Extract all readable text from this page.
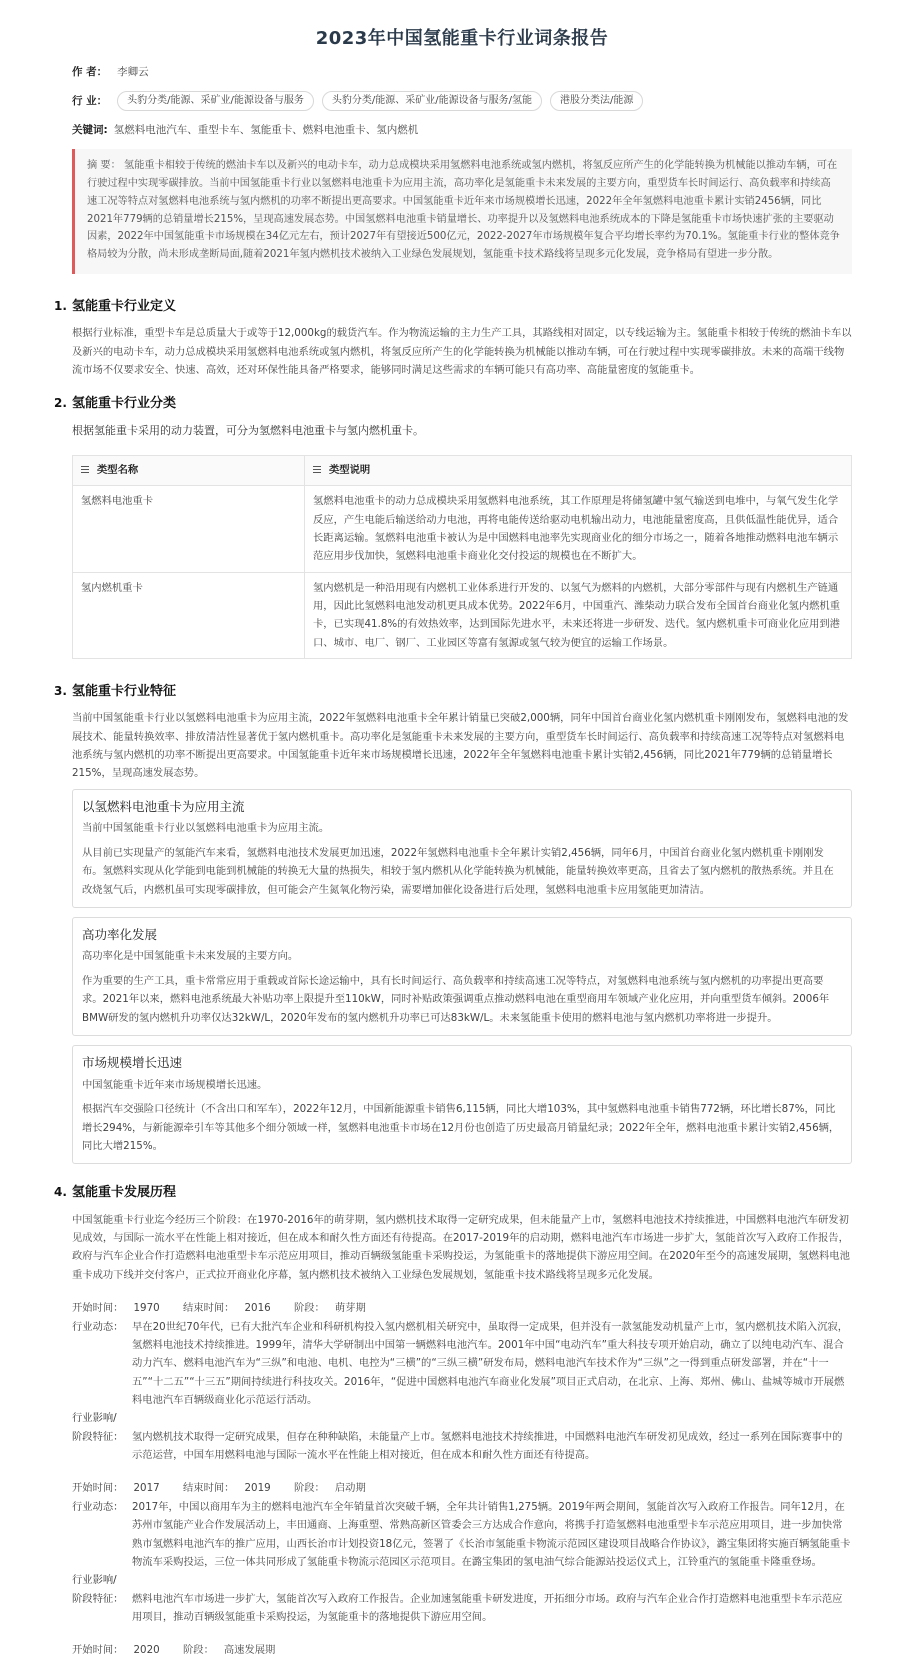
2023年中国氢能重卡行业词条报告
作 者： 李卿云
行 业：	头豹分类/能源、采矿业/能源设备与服务	头豹分类/能源、采矿业/能源设备与服务/氢能	港股分类法/能源
关键词: 氢燃料电池汽车、重型卡车、氢能重卡、燃料电池重卡、氢内燃机
摘 要： 氢能重卡相较于传统的燃油卡车以及新兴的电动卡车，动力总成模块采用氢燃料电池系统或氢内燃机，将氢反应所产生的化学能转换为机械能以推动车辆，可在行驶过程中实现零碳排放。当前中国氢能重卡行业以氢燃料电池重卡为应用主流，高功率化是氢能重卡未来发展的主要方向，重型货车长时间运行、高负载率和持续高速工况等特点对氢燃料电池系统与氢内燃机的功率不断提出更高要求。中国氢能重卡近年来市场规模增长迅速，2022年全年氢燃料电池重卡累计实销2456辆，同比2021年779辆的总销量增长215%，呈现高速发展态势。中国氢燃料电池重卡销量增长、功率提升以及氢燃料电池系统成本的下降是氢能重卡市场快速扩张的主要驱动因素，2022年中国氢能重卡市场规模在34亿元左右，预计2027年有望接近500亿元，2022-2027年市场规模年复合平均增长率约为70.1%。氢能重卡行业的整体竞争格局较为分散，尚未形成垄断局面,随着2021年氢内燃机技术被纳入工业绿色发展规划，氢能重卡技术路线将呈现多元化发展，竞争格局有望进一步分散。
1. 氢能重卡行业定义

根据行业标准，重型卡车是总质量大于或等于12,000kg的载货汽车。作为物流运输的主力生产工具，其路线相对固定，以专线运输为主。氢能重卡相较于传统的燃油卡车以及新兴的电动卡车，动力总成模块采用氢燃料电池系统或氢内燃机，将氢反应所产生的化学能转换为机械能以推动车辆，可在行驶过程中实现零碳排放。未来的高端干线物流市场不仅要求安全、快速、高效，还对环保性能具备严格要求，能够同时满足这些需求的车辆可能只有高功率、高能量密度的氢能重卡。

2. 氢能重卡行业分类

根据氢能重卡采用的动力装置，可分为氢燃料电池重卡与氢内燃机重卡。

类型名称	类型说明
氢燃料电池重卡	氢燃料电池重卡的动力总成模块采用氢燃料电池系统，其工作原理是将储氢罐中氢气输送到电堆中，与氧气发生化学反应，产生电能后输送给动力电池，再将电能传送给驱动电机输出动力，电池能量密度高，且供低温性能优异，适合长距离运输。氢燃料电池重卡被认为是中国燃料电池率先实现商业化的细分市场之一，随着各地推动燃料电池车辆示范应用步伐加快，氢燃料电池重卡商业化交付投运的规模也在不断扩大。
氢内燃机重卡	氢内燃机是一种沿用现有内燃机工业体系进行开发的、以氢气为燃料的内燃机，大部分零部件与现有内燃机生产链通用，因此比氢燃料电池发动机更具成本优势。2022年6月，中国重汽、潍柴动力联合发布全国首台商业化氢内燃机重卡，已实现41.8%的有效热效率，达到国际先进水平，未来还将进一步研发、迭代。氢内燃机重卡可商业化应用到港口、城市、电厂、钢厂、工业园区等富有氢源或氢气较为便宜的运输工作场景。
3. 氢能重卡行业特征

当前中国氢能重卡行业以氢燃料电池重卡为应用主流，2022年氢燃料电池重卡全年累计销量已突破2,000辆，同年中国首台商业化氢内燃机重卡刚刚发布，氢燃料电池的发展技术、能量转换效率、排放清洁性显著优于氢内燃机重卡。高功率化是氢能重卡未来发展的主要方向，重型货车长时间运行、高负载率和持续高速工况等特点对氢燃料电池系统与氢内燃机的功率不断提出更高要求。中国氢能重卡近年来市场规模增长迅速，2022年全年氢燃料电池重卡累计实销2,456辆，同比2021年779辆的总销量增长215%，呈现高速发展态势。

以氢燃料电池重卡为应用主流
当前中国氢能重卡行业以氢燃料电池重卡为应用主流。
从目前已实现量产的氢能汽车来看，氢燃料电池技术发展更加迅速，2022年氢燃料电池重卡全年累计实销2,456辆，同年6月，中国首台商业化氢内燃机重卡刚刚发布。氢燃料实现从化学能到电能到机械能的转换无大量的热损失，相较于氢内燃机从化学能转换为机械能，能量转换效率更高，且省去了氢内燃机的散热系统。并且在改烧氢气后，内燃机虽可实现零碳排放，但可能会产生氮氧化物污染，需要增加催化设备进行后处理，氢燃料电池重卡应用氢能更加清洁。
高功率化发展
高功率化是中国氢能重卡未来发展的主要方向。
作为重要的生产工具，重卡常常应用于重载或首际长途运输中，具有长时间运行、高负载率和持续高速工况等特点，对氢燃料电池系统与氢内燃机的功率提出更高要求。2021年以来，燃料电池系统最大补贴功率上限提升至110kW，同时补贴政策强调重点推动燃料电池在重型商用车领域产业化应用，并向重型货车倾斜。2006年BMW研发的氢内燃机升功率仅达32kW/L，2020年发布的氢内燃机升功率已可达83kW/L。未来氢能重卡使用的燃料电池与氢内燃机功率将进一步提升。
市场规模增长迅速
中国氢能重卡近年来市场规模增长迅速。
根据汽车交强险口径统计（不含出口和军车），2022年12月，中国新能源重卡销售6,115辆，同比大增103%，其中氢燃料电池重卡销售772辆，环比增长87%，同比增长294%，与新能源牵引车等其他多个细分领域一样，氢燃料电池重卡市场在12月份也创造了历史最高月销量纪录；2022年全年，燃料电池重卡累计实销2,456辆，同比大增215%。
4. 氢能重卡发展历程

中国氢能重卡行业迄今经历三个阶段：在1970-2016年的萌芽期，氢内燃机技术取得一定研究成果，但未能量产上市，氢燃料电池技术持续推进，中国燃料电池汽车研发初见成效，与国际一流水平在性能上相对接近，但在成本和耐久性方面还有待提高。在2017-2019年的启动期，燃料电池汽车市场进一步扩大，氢能首次写入政府工作报告，政府与汽车企业合作打造燃料电池重型卡车示范应用项目，推动百辆级氢能重卡采购投运，为氢能重卡的落地提供下游应用空间。在2020年至今的高速发展期，氢燃料电池重卡成功下线并交付客户，正式拉开商业化序幕，氢内燃机技术被纳入工业绿色发展规划，氢能重卡技术路线将呈现多元化发展。

开始时间： 1970 结束时间： 2016 阶段： 萌芽期
行业动态： 早在20世纪70年代，已有大批汽车企业和科研机构投入氢内燃机相关研究中，虽取得一定成果，但并没有一款氢能发动机量产上市，氢内燃机技术陷入沉寂，氢燃料电池技术持续推进。1999年，清华大学研制出中国第一辆燃料电池汽车。2001年中国“电动汽车”重大科技专项开始启动，确立了以纯电动汽车、混合动力汽车、燃料电池汽车为“三纵”和电池、电机、电控为“三横”的“三纵三横”研发布局，燃料电池汽车技术作为“三纵”之一得到重点研发部署，并在“十一五”“十二五”“十三五”期间持续进行科技攻关。2016年，“促进中国燃料电池汽车商业化发展”项目正式启动，在北京、上海、郑州、佛山、盐城等城市开展燃料电池汽车百辆级商业化示范运行活动。
行业影响/
阶段特征： 氢内燃机技术取得一定研究成果，但存在种种缺陷，未能量产上市。氢燃料电池技术持续推进，中国燃料电池汽车研发初见成效，经过一系列在国际赛事中的示范运营，中国车用燃料电池与国际一流水平在性能上相对接近，但在成本和耐久性方面还有待提高。
开始时间： 2017 结束时间： 2019 阶段： 启动期
行业动态： 2017年，中国以商用车为主的燃料电池汽车全年销量首次突破千辆，全年共计销售1,275辆。2019年两会期间，氢能首次写入政府工作报告。同年12月，在苏州市氢能产业合作发展活动上，丰田通商、上海重塑、常熟高新区管委会三方达成合作意向，将携手打造氢燃料电池重型卡车示范应用项目，进一步加快常熟市氢燃料电池汽车的推广应用，山西长治市计划投资18亿元，签署了《长治市氢能重卡物流示范园区建设项目战略合作协议》，潞宝集团将实施百辆氢能重卡物流车采购投运，三位一体共同形成了氢能重卡物流示范园区示范项目。在潞宝集团的氢电油气综合能源站投运仪式上，江铃重汽的氢能重卡隆重登场。
行业影响/
阶段特征： 燃料电池汽车市场进一步扩大，氢能首次写入政府工作报告。企业加速氢能重卡研发进度，开拓细分市场。政府与汽车企业合作打造燃料电池重型卡车示范应用项目，推动百辆级氢能重卡采购投运，为氢能重卡的落地提供下游应用空间。
开始时间： 2020 阶段： 高速发展期
